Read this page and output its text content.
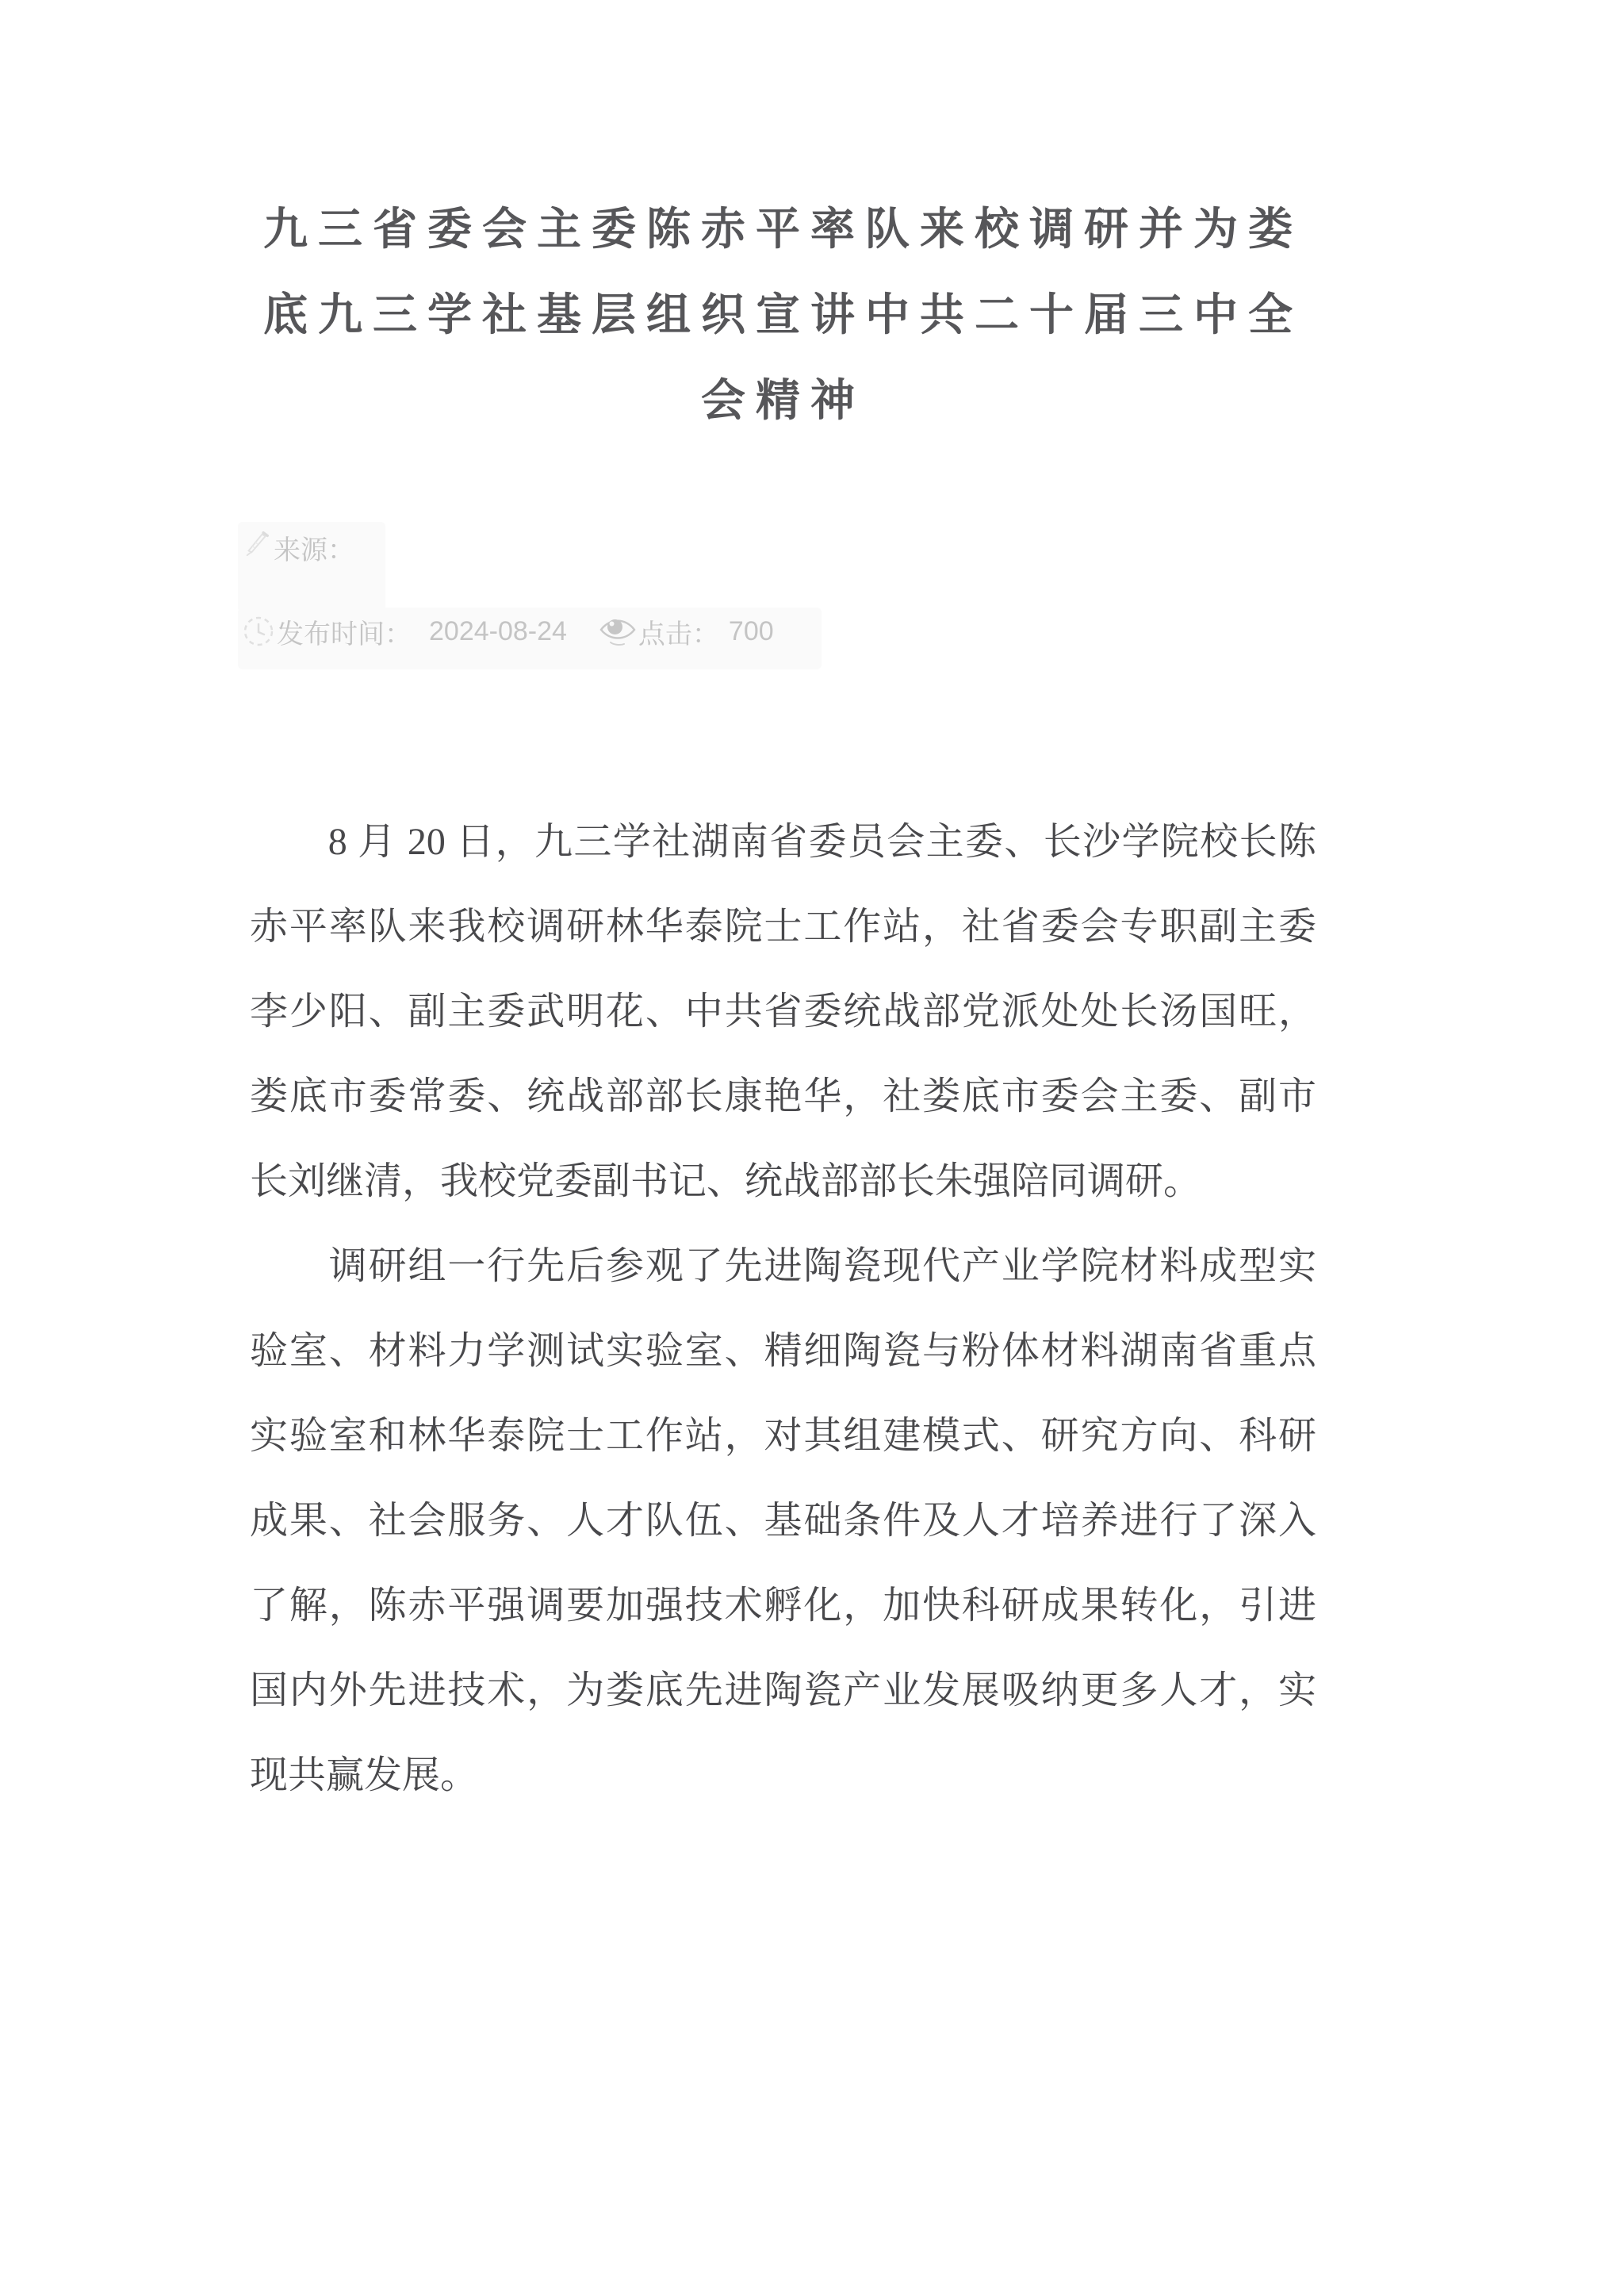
九三省委会主委陈赤平率队来校调研并为娄
底九三学社基层组织宣讲中共二十届三中全
会精神
来源：
发布时间： 2024-08-24	点击： 700
　　8 月 20 日，九三学社湖南省委员会主委、长沙学院校长陈
赤平率队来我校调研林华泰院士工作站，社省委会专职副主委
李少阳、副主委武明花、中共省委统战部党派处处长汤国旺，
娄底市委常委、统战部部长康艳华，社娄底市委会主委、副市
长刘继清，我校党委副书记、统战部部长朱强陪同调研。
　　调研组一行先后参观了先进陶瓷现代产业学院材料成型实
验室、材料力学测试实验室、精细陶瓷与粉体材料湖南省重点
实验室和林华泰院士工作站，对其组建模式、研究方向、科研
成果、社会服务、人才队伍、基础条件及人才培养进行了深入
了解，陈赤平强调要加强技术孵化，加快科研成果转化，引进
国内外先进技术，为娄底先进陶瓷产业发展吸纳更多人才，实
现共赢发展。
